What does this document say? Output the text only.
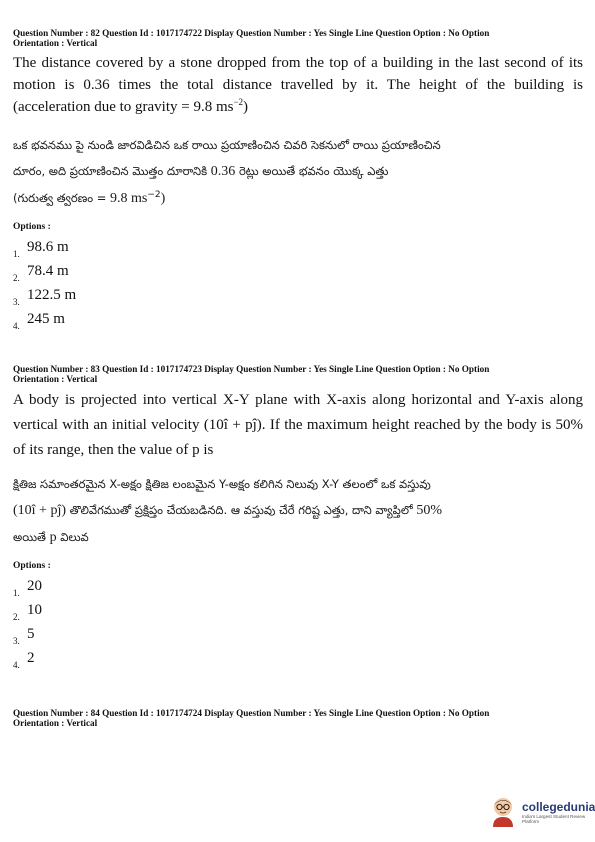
Question Number : 82 Question Id : 1017174722 Display Question Number : Yes Single Line Question Option : No Option
Orientation : Vertical
The distance covered by a stone dropped from the top of a building in the last second of its motion is 0.36 times the total distance travelled by it. The height of the building is (acceleration due to gravity = 9.8 $ms^{-2}$)
ఒక భవనము పై నుండి జారవిడిచిన ఒక రాయి ప్రయాణించిన చివరి సెకనులో రాయి ప్రయాణించిన
దూరం, అది ప్రయాణించిన మొత్తం దూరానికి 0.36 రెట్లు అయితే భవనం యొక్క ఎత్తు
(గురుత్వ త్వరణం = 9.8 $ms^{-2}$)
Options :
1. 98.6 m
2. 78.4 m
3. 122.5 m
4. 245 m
Question Number : 83 Question Id : 1017174723 Display Question Number : Yes Single Line Question Option : No Option
Orientation : Vertical
A body is projected into vertical X-Y plane with X-axis along horizontal and Y-axis along vertical with an initial velocity (10î + pĵ). If the maximum height reached by the body is 50% of its range, then the value of p is
క్షితిజ సమాంతరమైన X-అక్షం క్షితిజ లంబమైన Y-అక్షం కలిగిన నిలువు X-Y తలంలో ఒక వస్తువు
(10î + pĵ) తొలివేగముతో ప్రక్షిప్తం చేయబడినది. ఆ వస్తువు చేరే గరిష్ట ఎత్తు, దాని వ్యాప్తిలో 50%
అయితే p విలువ
Options :
1. 20
2. 10
3. 5
4. 2
Question Number : 84 Question Id : 1017174724 Display Question Number : Yes Single Line Question Option : No Option
Orientation : Vertical
collegedunia
India's Largest Student Review Platform
